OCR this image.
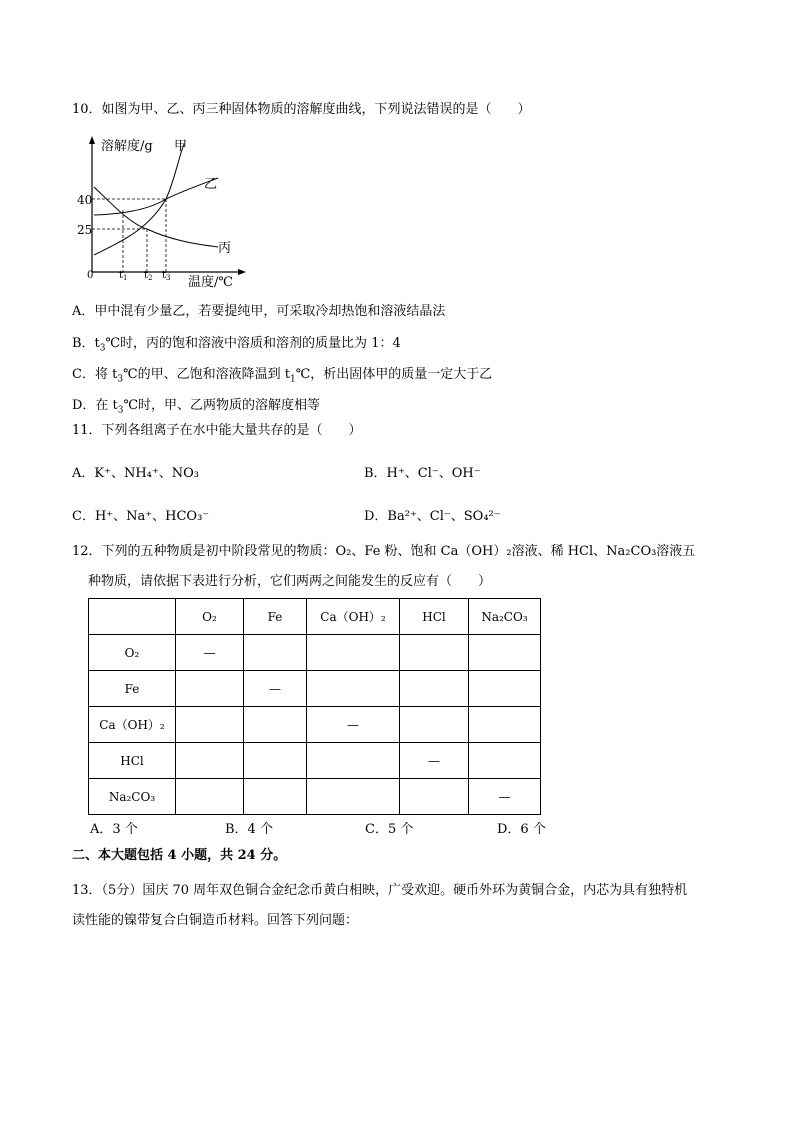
10．如图为甲、乙、丙三种固体物质的溶解度曲线，下列说法错误的是（　　）
溶解度/g
温度/℃
0
40
25
$t_1$ $t_2$ $t_3$
甲
乙
丙
A．甲中混有少量乙，若要提纯甲，可采取冷却热饱和溶液结晶法
B．$t_3℃$时，丙的饱和溶液中溶质和溶剂的质量比为 1：4
C．将 $t_3℃$的甲、乙饱和溶液降温到 $t_1℃$，析出固体甲的质量一定大于乙
D．在 $t_3℃$时，甲、乙两物质的溶解度相等
11．下列各组离子在水中能大量共存的是（　　）
A．K⁺、NH₄⁺、NO₃	B．H⁺、Cl⁻、OH⁻
C．H⁺、Na⁺、HCO₃⁻	D．Ba²⁺、Cl⁻、SO₄²⁻
12．下列的五种物质是初中阶段常见的物质：O₂、Fe 粉、饱和 Ca（OH）₂溶液、稀 HCl、Na₂CO₃溶液五
种物质，请依据下表进行分析，它们两两之间能发生的反应有（　　）
	O₂	Fe	Ca（OH）₂	HCl	Na₂CO₃
O₂	—				
Fe		—			
Ca（OH）₂			—		
HCl				—	
Na₂CO₃					—
A．3 个	B．4 个	C．5 个	D．6 个
二、本大题包括 4 小题，共 24 分。
13．（5分）国庆 70 周年双色铜合金纪念币黄白相映，广受欢迎。硬币外环为黄铜合金，内芯为具有独特机
读性能的镍带复合白铜造币材料。回答下列问题：
